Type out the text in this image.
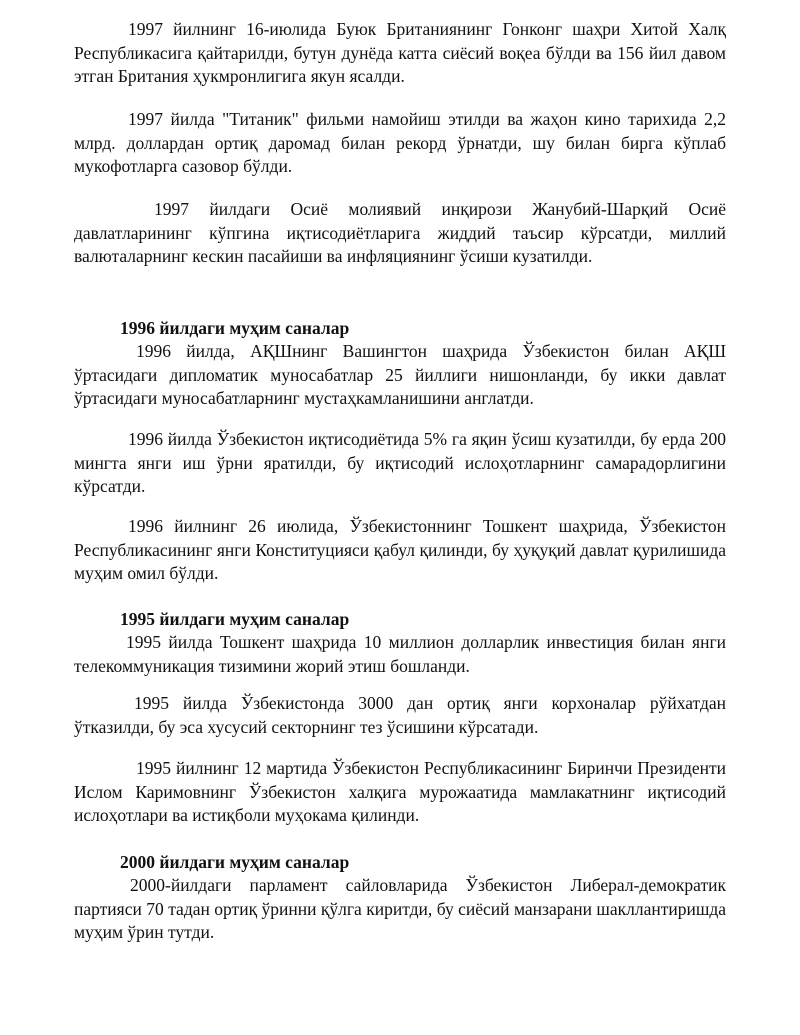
1997 йилнинг 16-июлида Буюк Британиянинг Гонконг шаҳри Хитой Халқ Республикасига қайтарилди, бутун дунёда катта сиёсий воқеа бўлди ва 156 йил давом этган Британия ҳукмронлигига якун ясалди.

1997 йилда "Титаник" фильми намойиш этилди ва жаҳон кино тарихида 2,2 млрд. доллардан ортиқ даромад билан рекорд ўрнатди, шу билан бирга кўплаб мукофотларга сазовор бўлди.

1997 йилдаги Осиё молиявий инқирози Жанубий-Шарқий Осиё давлатларининг кўпгина иқтисодиётларига жиддий таъсир кўрсатди, миллий валюталарнинг кескин пасайиши ва инфляциянинг ўсиши кузатилди.

1996 йилдаги муҳим саналар

1996 йилда, АҚШнинг Вашингтон шаҳрида Ўзбекистон билан АҚШ ўртасидаги дипломатик муносабатлар 25 йиллиги нишонланди, бу икки давлат ўртасидаги муносабатларнинг мустаҳкамланишини англатди.

1996 йилда Ўзбекистон иқтисодиётида 5% га яқин ўсиш кузатилди, бу ерда 200 мингта янги иш ўрни яратилди, бу иқтисодий ислоҳотларнинг самарадорлигини кўрсатди.

1996 йилнинг 26 июлида, Ўзбекистоннинг Тошкент шаҳрида, Ўзбекистон Республикасининг янги Конституцияси қабул қилинди, бу ҳуқуқий давлат қурилишида муҳим омил бўлди.

1995 йилдаги муҳим саналар

1995 йилда Тошкент шаҳрида 10 миллион долларлик инвестиция билан янги телекоммуникация тизимини жорий этиш бошланди.

1995 йилда Ўзбекистонда 3000 дан ортиқ янги корхоналар рўйхатдан ўтказилди, бу эса хусусий секторнинг тез ўсишини кўрсатади.

1995 йилнинг 12 мартида Ўзбекистон Республикасининг Биринчи Президенти Ислом Каримовнинг Ўзбекистон халқига мурожаатида мамлакатнинг иқтисодий ислоҳотлари ва истиқболи муҳокама қилинди.

2000 йилдаги муҳим саналар

2000-йилдаги парламент сайловларида Ўзбекистон Либерал-демократик партияси 70 тадан ортиқ ўринни қўлга киритди, бу сиёсий манзарани шакллантиришда муҳим ўрин тутди.
